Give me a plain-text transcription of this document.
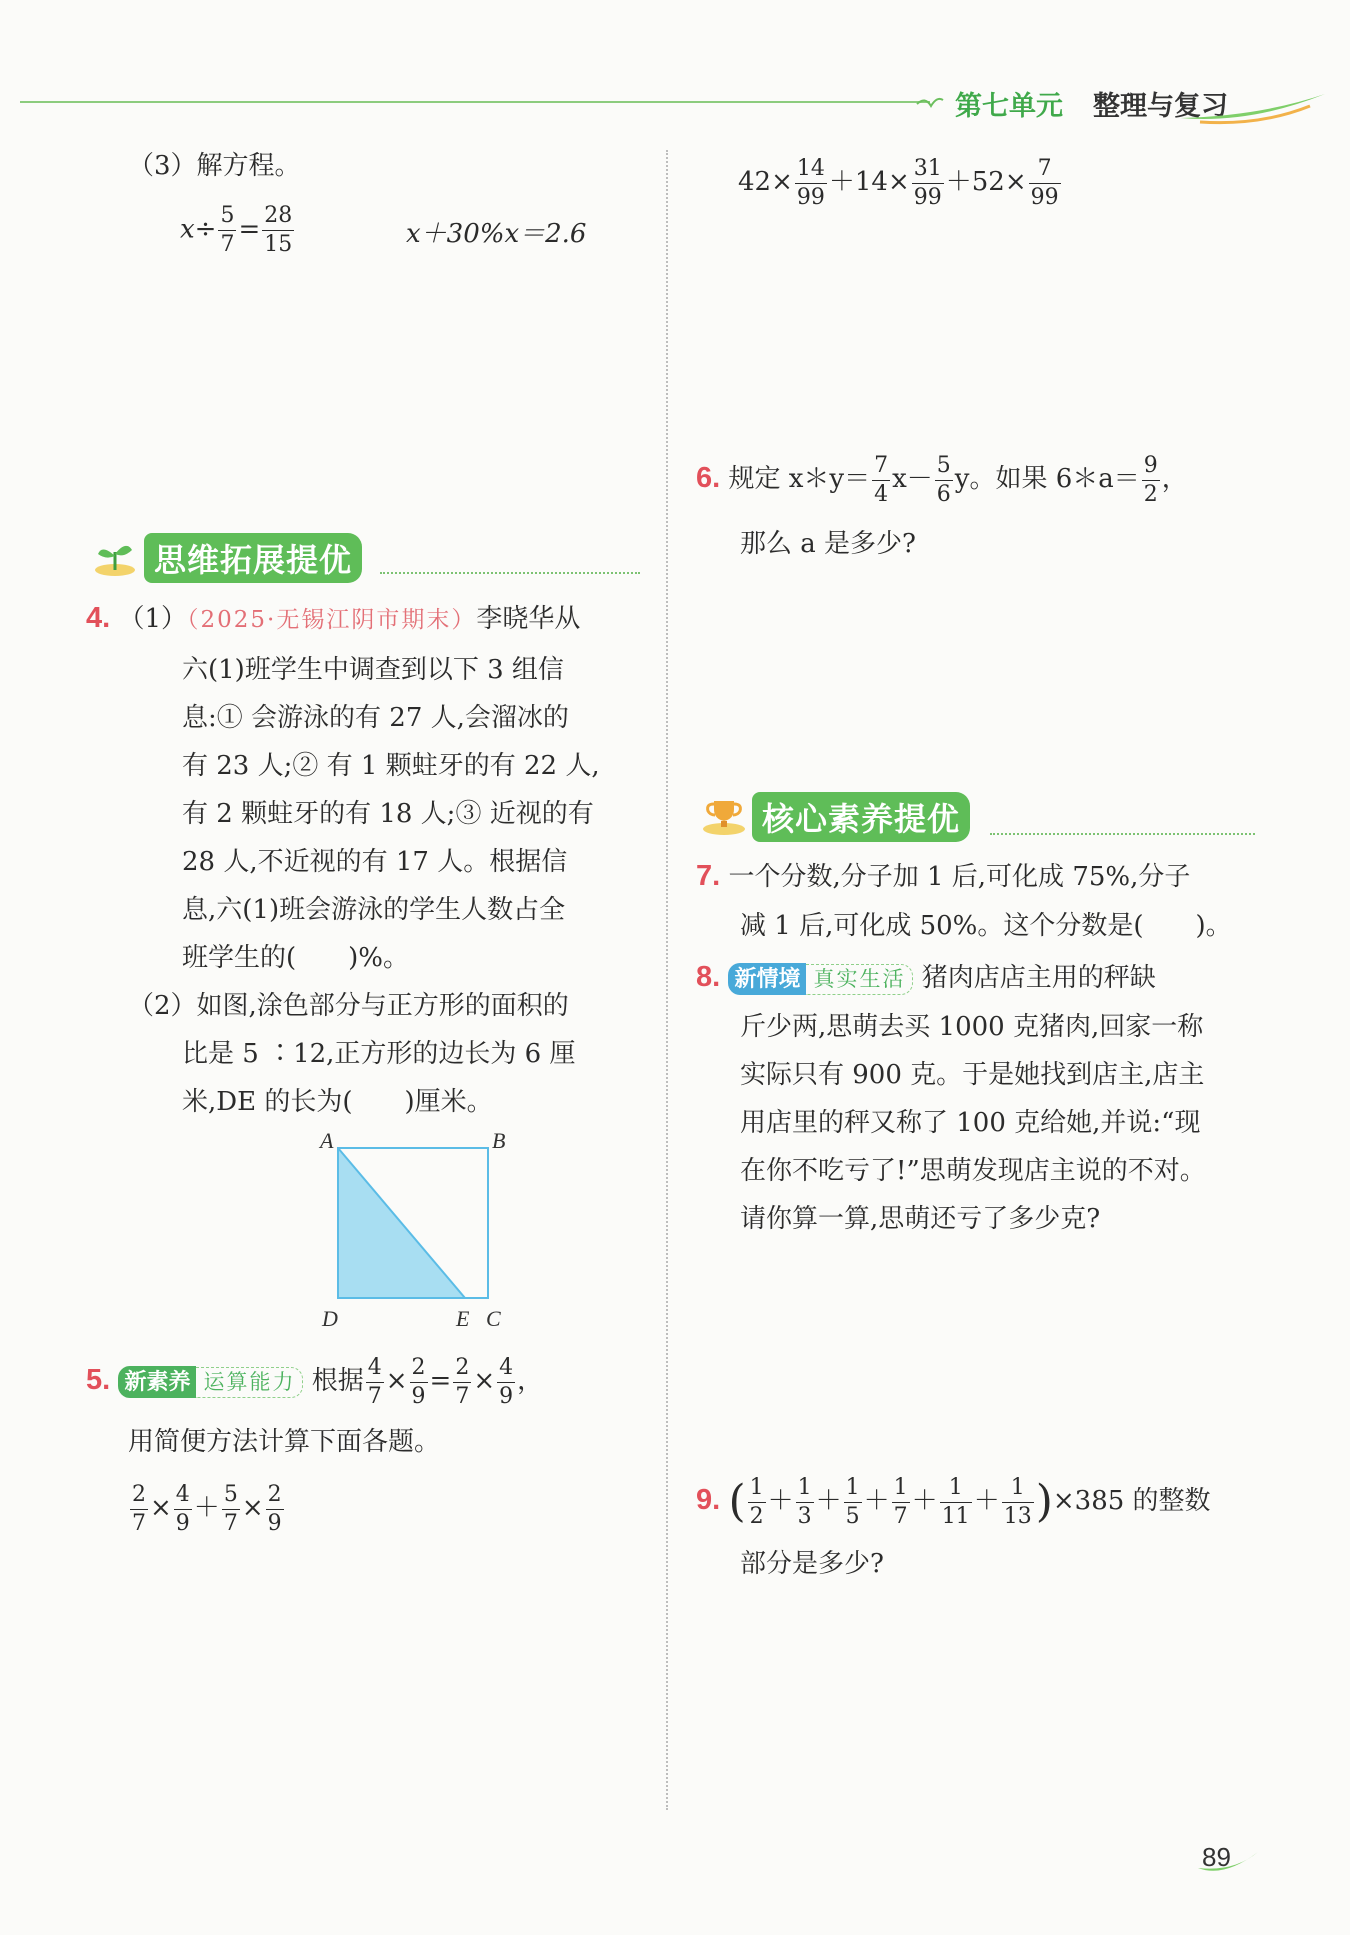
第七单元 整理与复习
（3）解方程。
$x\div \frac{5}{7} = \frac{28}{15}$	x＋30%x＝2.6
思维拓展提优
4. （1）（2025·无锡江阴市期末）李晓华从
六(1)班学生中调查到以下 3 组信
息:① 会游泳的有 27 人,会溜冰的
有 23 人;② 有 1 颗蛀牙的有 22 人,
有 2 颗蛀牙的有 18 人;③ 近视的有
28 人,不近视的有 17 人。根据信
息,六(1)班会游泳的学生人数占全
班学生的(　　)%。
（2）如图,涂色部分与正方形的面积的
比是 5 ∶12,正方形的边长为 6 厘
米,DE 的长为(　　)厘米。
A	B
D	E C
5. 新素养 运算能力 根据 $\frac{4}{7} \times \frac{2}{9} = \frac{2}{7} \times \frac{4}{9}$ ，
用简便方法计算下面各题。
$\frac{2}{7} \times \frac{4}{9} + \frac{5}{7} \times \frac{2}{9}$
$42\times \frac{14}{99} +14\times \frac{31}{99} +52\times \frac{7}{99}$
6. 规定 x＊y＝ $\frac{7}{4} x- \frac{5}{6}$ y。如果 6＊a＝ $\frac{9}{2}$ ，
那么 a 是多少?
核心素养提优
7. 一个分数,分子加 1 后,可化成 75%,分子
减 1 后,可化成 50%。这个分数是(　　)。
8. 新情境 真实生活 猪肉店店主用的秤缺
斤少两,思萌去买 1000 克猪肉,回家一称
实际只有 900 克。于是她找到店主,店主
用店里的秤又称了 100 克给她,并说:“现
在你不吃亏了!”思萌发现店主说的不对。
请你算一算,思萌还亏了多少克?
9. ( $\frac{1}{2} + \frac{1}{3} + \frac{1}{5} + \frac{1}{7} + \frac{1}{11} + \frac{1}{13} )\times 385$ 的整数
部分是多少?
89
